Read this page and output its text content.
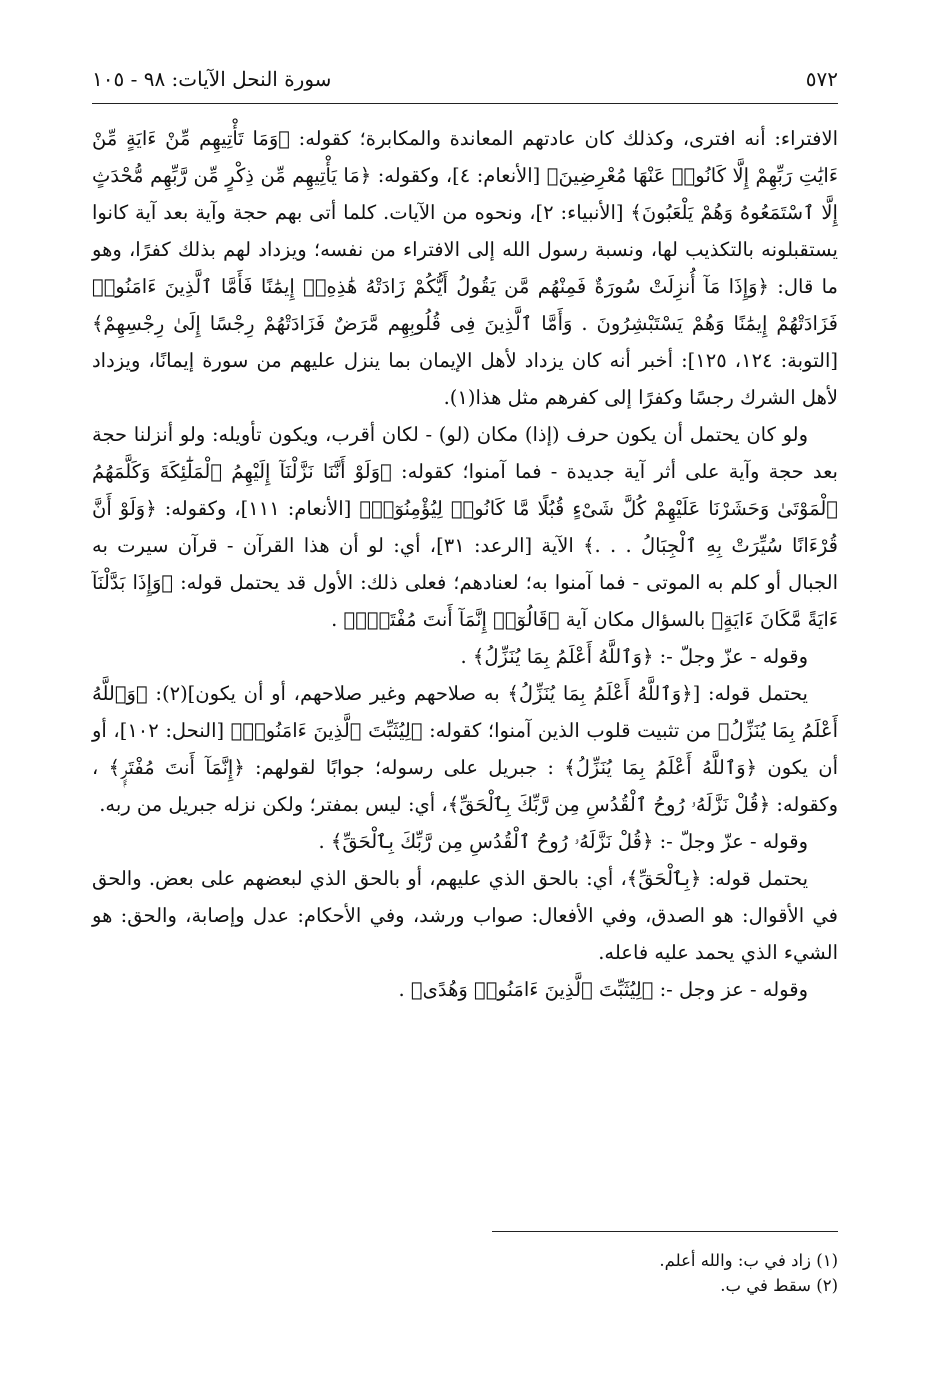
٥٧٢
سورة النحل الآيات: ٩٨ - ١٠٥

الافتراء: أنه افترى، وكذلك كان عادتهم المعاندة والمكابرة؛ كقوله: ﴿وَمَا تَأْتِيهِم مِّنْ ءَايَةٍ مِّنْ ءَايَٰتِ رَبِّهِمْ إِلَّا كَانُوا۟ عَنْهَا مُعْرِضِينَ﴾ [الأنعام: ٤]، وكقوله: ﴿مَا يَأْتِيهِم مِّن ذِكْرٍ مِّن رَّبِّهِم مُّحْدَثٍ إِلَّا ٱسْتَمَعُوهُ وَهُمْ يَلْعَبُونَ﴾ [الأنبياء: ٢]، ونحوه من الآيات. كلما أتى بهم حجة وآية بعد آية كانوا يستقبلونه بالتكذيب لها، ونسبة رسول الله إلى الافتراء من نفسه؛ ويزداد لهم بذلك كفرًا، وهو ما قال: ﴿وَإِذَا مَآ أُنزِلَتْ سُورَةٌ فَمِنْهُم مَّن يَقُولُ أَيُّكُمْ زَادَتْهُ هَٰذِهِۦٓ إِيمَٰنًا فَأَمَّا ٱلَّذِينَ ءَامَنُوا۟ فَزَادَتْهُمْ إِيمَٰنًا وَهُمْ يَسْتَبْشِرُونَ . وَأَمَّا ٱلَّذِينَ فِى قُلُوبِهِم مَّرَضٌ فَزَادَتْهُمْ رِجْسًا إِلَىٰ رِجْسِهِمْ﴾ [التوبة: ١٢٤، ١٢٥]: أخبر أنه كان يزداد لأهل الإيمان بما ينزل عليهم من سورة إيمانًا، ويزداد لأهل الشرك رجسًا وكفرًا إلى كفرهم مثل هذا(١).

ولو كان يحتمل أن يكون حرف (إذا) مكان (لو) - لكان أقرب، ويكون تأويله: ولو أنزلنا حجة بعد حجة وآية على أثر آية جديدة - فما آمنوا؛ كقوله: ﴿وَلَوْ أَنَّنَا نَزَّلْنَآ إِلَيْهِمُ ٱلْمَلَٰٓئِكَةَ وَكَلَّمَهُمُ ٱلْمَوْتَىٰ وَحَشَرْنَا عَلَيْهِمْ كُلَّ شَىْءٍ قُبُلًا مَّا كَانُوا۟ لِيُؤْمِنُوٓا۟﴾ [الأنعام: ١١١]، وكقوله: ﴿وَلَوْ أَنَّ قُرْءَانًا سُيِّرَتْ بِهِ ٱلْجِبَالُ . . .﴾ الآية [الرعد: ٣١]، أي: لو أن هذا القرآن - قرآن سيرت به الجبال أو كلم به الموتى - فما آمنوا به؛ لعنادهم؛ فعلى ذلك: الأول قد يحتمل قوله: ﴿وَإِذَا بَدَّلْنَآ ءَايَةً مَّكَانَ ءَايَةٍ﴾ بالسؤال مكان آية ﴿قَالُوٓا۟ إِنَّمَآ أَنتَ مُفْتَرٍۭ﴾ .

وقوله - عزّ وجلّ -: ﴿وَٱللَّهُ أَعْلَمُ بِمَا يُنَزِّلُ﴾ .

يحتمل قوله: [﴿وَٱللَّهُ أَعْلَمُ بِمَا يُنَزِّلُ﴾ به صلاحهم وغير صلاحهم، أو أن يكون](٢): ﴿وَٱللَّهُ أَعْلَمُ بِمَا يُنَزِّلُ﴾ من تثبيت قلوب الذين آمنوا؛ كقوله: ﴿لِيُثَبِّتَ ٱلَّذِينَ ءَامَنُوا۟﴾ [النحل: ١٠٢]، أو أن يكون ﴿وَٱللَّهُ أَعْلَمُ بِمَا يُنَزِّلُ﴾ : جبريل على رسوله؛ جوابًا لقولهم: ﴿إِنَّمَآ أَنتَ مُفْتَرٍۭ﴾ ، وكقوله: ﴿قُلْ نَزَّلَهُۥ رُوحُ ٱلْقُدُسِ مِن رَّبِّكَ بِٱلْحَقِّ﴾، أي: ليس بمفتر؛ ولكن نزله جبريل من ربه.

وقوله - عزّ وجلّ -: ﴿قُلْ نَزَّلَهُۥ رُوحُ ٱلْقُدُسِ مِن رَّبِّكَ بِٱلْحَقِّ﴾ .

يحتمل قوله: ﴿بِٱلْحَقِّ﴾، أي: بالحق الذي عليهم، أو بالحق الذي لبعضهم على بعض. والحق في الأقوال: هو الصدق، وفي الأفعال: صواب ورشد، وفي الأحكام: عدل وإصابة، والحق: هو الشيء الذي يحمد عليه فاعله.

وقوله - عز وجل -: ﴿لِيُثَبِّتَ ٱلَّذِينَ ءَامَنُوا۟ وَهُدًى﴾ .

(١) زاد في ب: والله أعلم.
(٢) سقط في ب.
